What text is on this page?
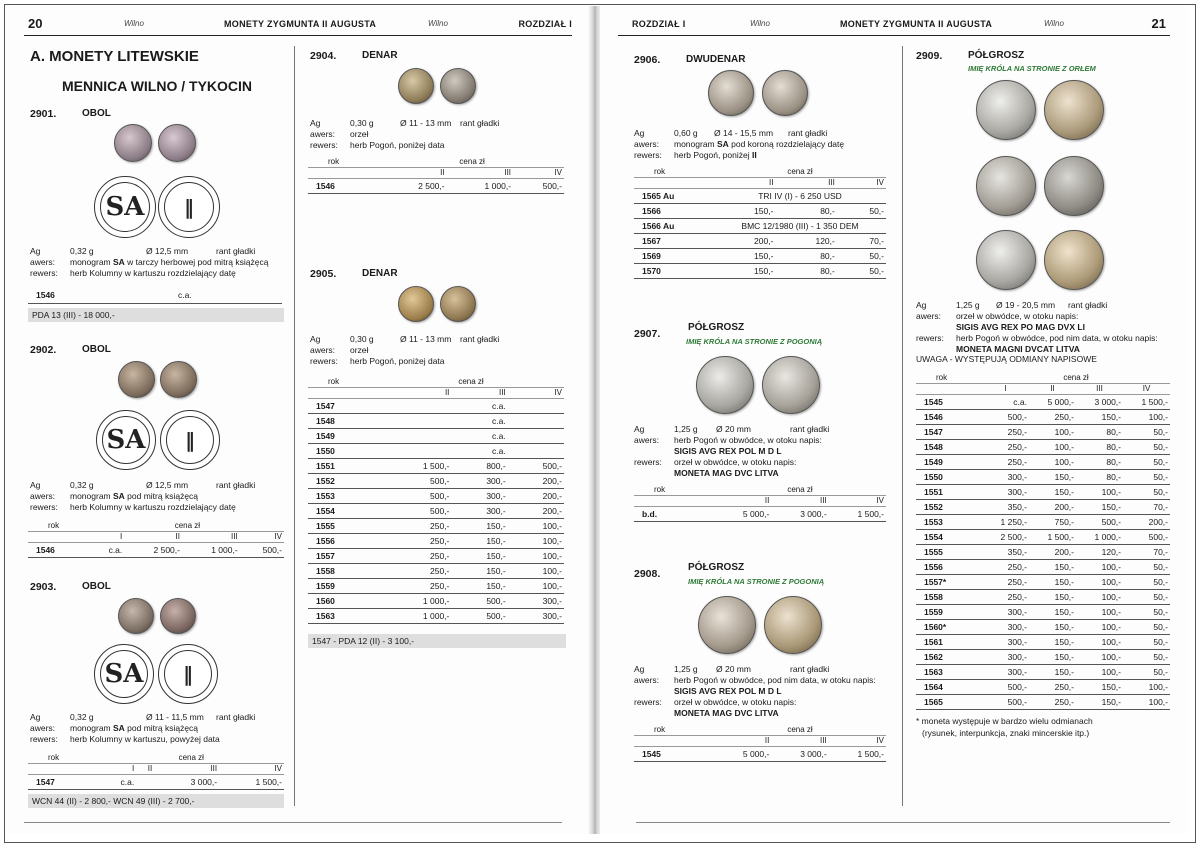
20	Wilno	MONETY ZYGMUNTA II AUGUSTA	Wilno	ROZDZIAŁ I
A. MONETY LITEWSKIE
MENNICA WILNO / TYKOCIN
2901.	OBOL
SA	‖
Ag	0,32 g	Ø 12,5 mm	rant gładki
awers: monogram SA w tarczy herbowej pod mitrą książęcą
rewers: herb Kolumny w kartuszu rozdzielający datę
1546	c.a.
PDA 13 (III) - 18 000,-
2902.	OBOL
SA	‖
Ag	0,32 g	Ø 12,5 mm	rant gładki
awers: monogram SA pod mitrą książęcą
rewers: herb Kolumny w kartuszu rozdzielający datę
rok	cena zł			
	I	II	III	IV
1546	c.a.	2 500,-	1 000,-	500,-
2903.	OBOL
SA	‖
Ag	0,32 g	Ø 11 - 11,5 mm rant gładki
awers: monogram SA pod mitrą książęcą
rewers: herb Kolumny w kartuszu, powyżej data
rok	cena zł			
	I	II	III	IV
1547	c.a.		3 000,-	1 500,-
WCN 44 (II) - 2 800,- WCN 49 (III) - 2 700,-
2904.	DENAR
Ag	0,30 g	Ø 11 - 13 mm rant gładki
awers: orzeł
rewers: herb Pogoń, poniżej data
rok	cena zł		
	II	III	IV
1546	2 500,-	1 000,-	500,-
2905.	DENAR
Ag	0,30 g	Ø 11 - 13 mm rant gładki
awers: orzeł
rewers: herb Pogoń, poniżej data
rok	cena zł		
	II	III	IV
1547		c.a.	
1548		c.a.	
1549		c.a.	
1550		c.a.	
1551	1 500,-	800,-	500,-
1552	500,-	300,-	200,-
1553	500,-	300,-	200,-
1554	500,-	300,-	200,-
1555	250,-	150,-	100,-
1556	250,-	150,-	100,-
1557	250,-	150,-	100,-
1558	250,-	150,-	100,-
1559	250,-	150,-	100,-
1560	1 000,-	500,-	300,-
1563	1 000,-	500,-	300,-
1547 - PDA 12 (II) - 3 100,-
ROZDZIAŁ I	Wilno	MONETY ZYGMUNTA II AUGUSTA	Wilno	21
2906.	DWUDENAR
Ag	0,60 g Ø 14 - 15,5 mm rant gładki
awers: monogram SA pod koroną rozdzielający datę
rewers: herb Pogoń, poniżej II
rok	cena zł		
	II	III	IV
1565 Au	TRI IV (I) - 6 250 USD		
1566	150,-	80,-	50,-
1566 Au	BMC 12/1980 (III) - 1 350 DEM		
1567	200,-	120,-	70,-
1569	150,-	80,-	50,-
1570	150,-	80,-	50,-
2907.
PÓŁGROSZ
IMIĘ KRÓLA NA STRONIE Z POGONIĄ
Ag	1,25 g Ø 20 mm	rant gładki
awers: herb Pogoń w obwódce, w otoku napis:
SIGIS AVG REX POL M D L
rewers: orzeł w obwódce, w otoku napis:
MONETA MAG DVC LITVA
rok	cena zł		
	II	III	IV
b.d.	5 000,-	3 000,-	1 500,-
2908.
PÓŁGROSZ
IMIĘ KRÓLA NA STRONIE Z POGONIĄ
Ag	1,25 g Ø 20 mm	rant gładki
awers: herb Pogoń w obwódce, pod nim data, w otoku napis:
SIGIS AVG REX POL M D L
rewers: orzeł w obwódce, w otoku napis:
MONETA MAG DVC LITVA
rok	cena zł		
	II	III	IV
1545	5 000,-	3 000,-	1 500,-
2909.	PÓŁGROSZ
IMIĘ KRÓLA NA STRONIE Z ORŁEM
Ag	1,25 g Ø 19 - 20,5 mm rant gładki
awers: orzeł w obwódce, w otoku napis:
SIGIS AVG REX PO MAG DVX LI
rewers: herb Pogoń w obwódce, pod nim data, w otoku napis:
MONETA MAGNI DVCAT LITVA
UWAGA - WYSTĘPUJĄ ODMIANY NAPISOWE
rok	cena zł			
	I	II	III	IV
1545	c.a.	5 000,-	3 000,-	1 500,-
1546	500,-	250,-	150,-	100,-
1547	250,-	100,-	80,-	50,-
1548	250,-	100,-	80,-	50,-
1549	250,-	100,-	80,-	50,-
1550	300,-	150,-	80,-	50,-
1551	300,-	150,-	100,-	50,-
1552	350,-	200,-	150,-	70,-
1553	1 250,-	750,-	500,-	200,-
1554	2 500,-	1 500,-	1 000,-	500,-
1555	350,-	200,-	120,-	70,-
1556	250,-	150,-	100,-	50,-
1557*	250,-	150,-	100,-	50,-
1558	250,-	150,-	100,-	50,-
1559	300,-	150,-	100,-	50,-
1560*	300,-	150,-	100,-	50,-
1561	300,-	150,-	100,-	50,-
1562	300,-	150,-	100,-	50,-
1563	300,-	150,-	100,-	50,-
1564	500,-	250,-	150,-	100,-
1565	500,-	250,-	150,-	100,-
* moneta występuje w bardzo wielu odmianach
(rysunek, interpunkcja, znaki mincerskie itp.)
